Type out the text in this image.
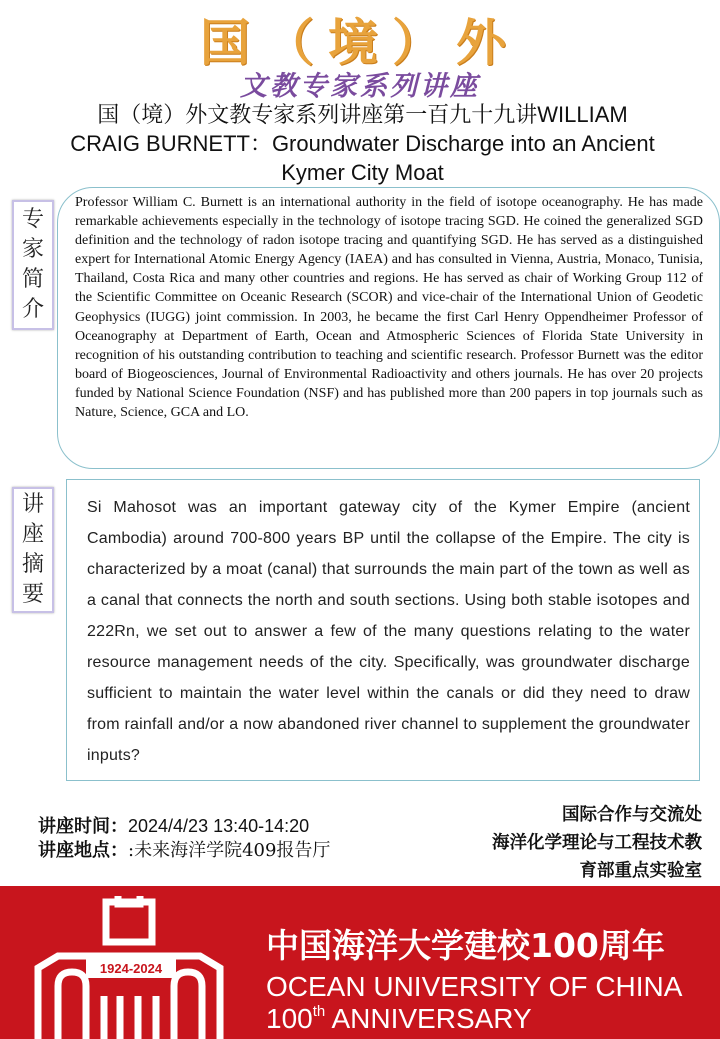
国（境）外
文教专家系列讲座
国（境）外文教专家系列讲座第一百九十九讲WILLIAM CRAIG BURNETT：Groundwater Discharge into an Ancient Kymer City Moat
专
家
简
介
Professor William C. Burnett is an international authority in the field of isotope oceanography. He has made remarkable achievements especially in the technology of isotope tracing SGD. He coined the generalized SGD definition and the technology of radon isotope tracing and quantifying SGD. He has served as a distinguished expert for International Atomic Energy Agency (IAEA) and has consulted in Vienna, Austria, Monaco, Tunisia, Thailand, Costa Rica and many other countries and regions. He has served as chair of Working Group 112 of the Scientific Committee on Oceanic Research (SCOR) and vice-chair of the International Union of Geodetic Geophysics (IUGG) joint commission. In 2003, he became the first Carl Henry Oppendheimer Professor of Oceanography at Department of Earth, Ocean and Atmospheric Sciences of Florida State University in recognition of his outstanding contribution to teaching and scientific research. Professor Burnett was the editor board of Biogeosciences, Journal of Environmental Radioactivity and others journals. He has over 20 projects funded by National Science Foundation (NSF) and has published more than 200 papers in top journals such as Nature, Science, GCA and LO.
讲
座
摘
要
Si Mahosot was an important gateway city of the Kymer Empire (ancient Cambodia) around 700-800 years BP until the collapse of the Empire. The city is characterized by a moat (canal) that surrounds the main part of the town as well as a canal that connects the north and south sections. Using both stable isotopes and 222Rn, we set out to answer a few of the many questions relating to the water resource management needs of the city. Specifically, was groundwater discharge sufficient to maintain the water level within the canals or did they need to draw from rainfall and/or a now abandoned river channel to supplement the groundwater inputs?
讲座时间：2024/4/23 13:40-14:20
讲座地点：:未来海洋学院409报告厅
国际合作与交流处
海洋化学理论与工程技术教
育部重点实验室
1924-2024
中国海洋大学建校100周年
OCEAN UNIVERSITY OF CHINA
100th ANNIVERSARY
